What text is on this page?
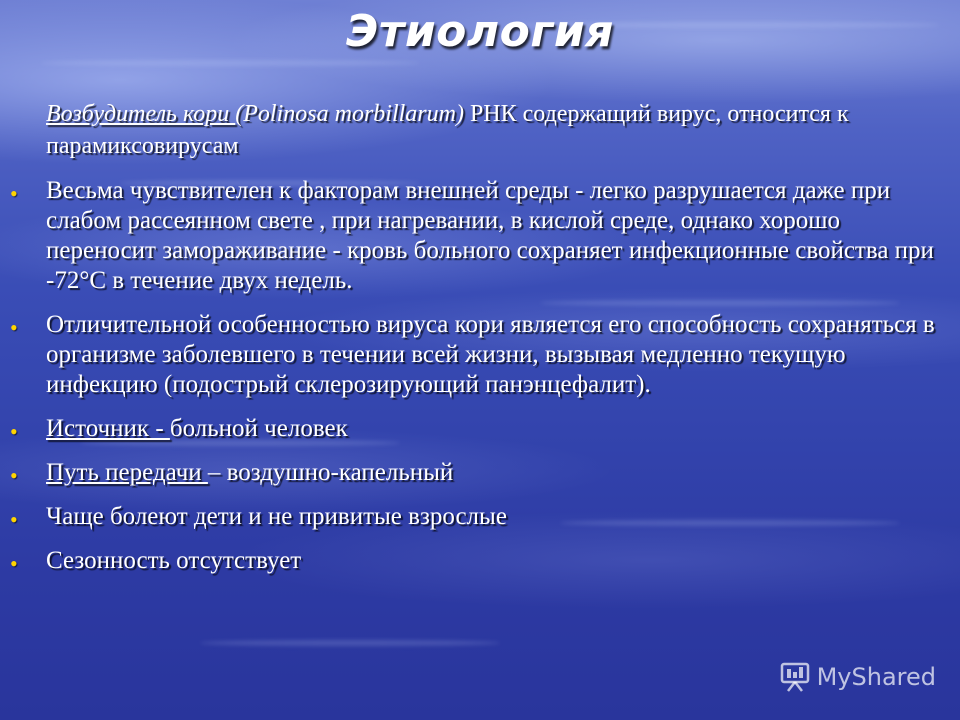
Этиология

Возбудитель кори (Polinosa morbillarum) РНК содержащий вирус, относится к парамиксовирусам

• Весьма чувствителен к факторам внешней среды - легко разрушается даже при слабом рассеянном свете , при нагревании, в кислой среде, однако хорошо переносит замораживание - кровь больного сохраняет инфекционные свойства при -72°С в течение двух недель.
• Отличительной особенностью вируса кори является его способность сохраняться в организме заболевшего в течении всей жизни, вызывая медленно текущую инфекцию (подострый склерозирующий панэнцефалит).
• Источник - больной человек
• Путь передачи – воздушно-капельный
• Чаще болеют дети и не привитые взрослые
• Сезонность отсутствует
MyShared
